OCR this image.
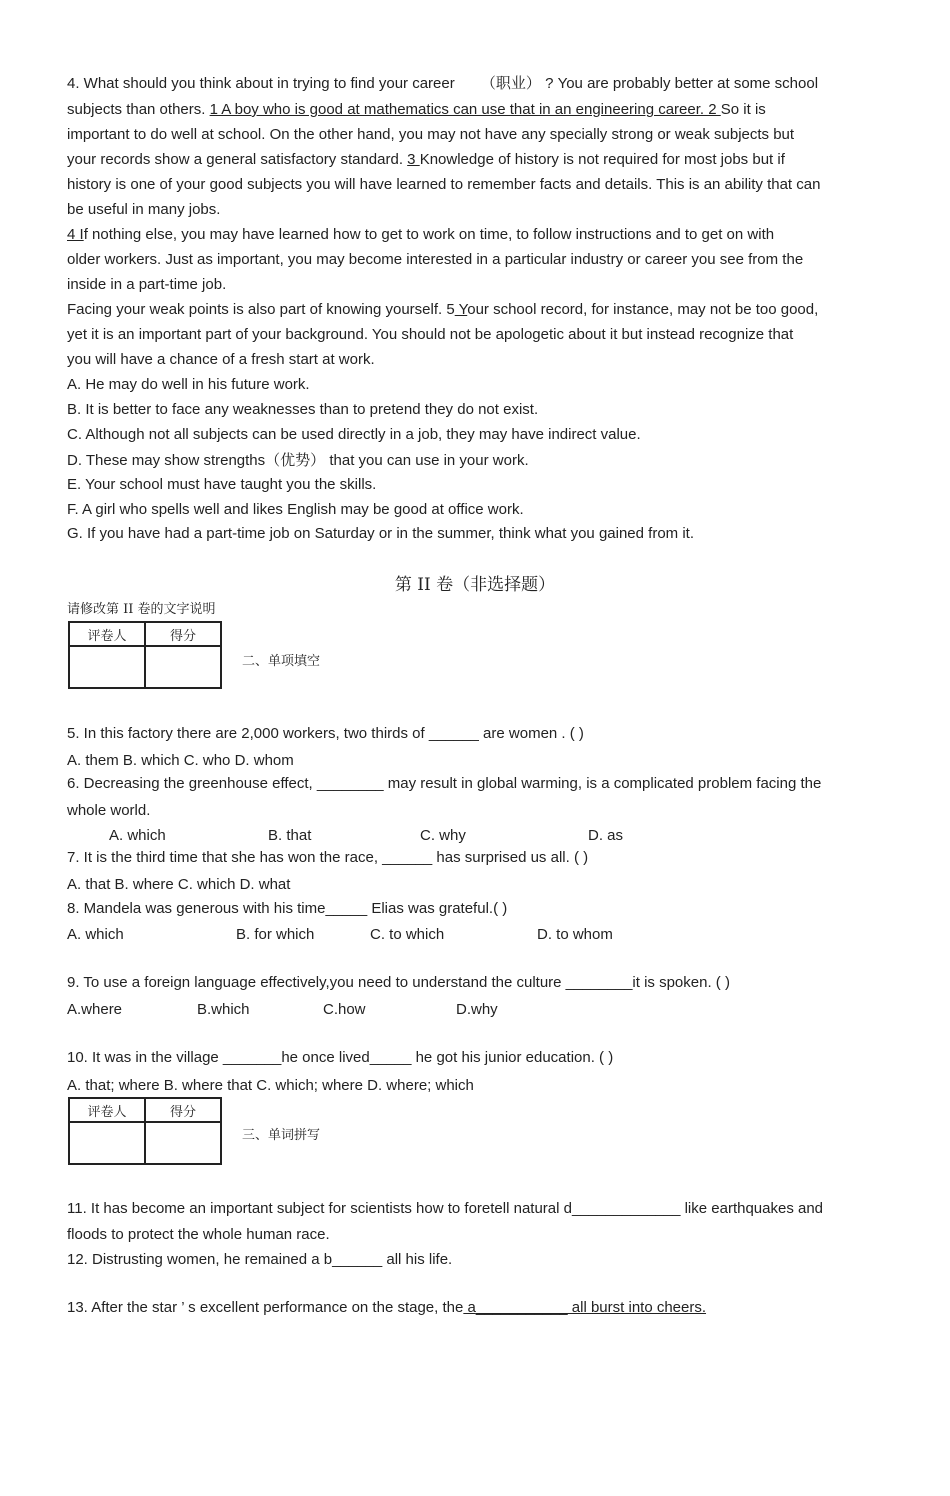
4. What should you think about in trying to find your career （职业） ? You are probably better at some school
subjects than others. 1 A boy who is good at mathematics can use that in an engineering career. 2 So it is
important to do well at school. On the other hand, you may not have any specially strong or weak subjects but
your records show a general satisfactory standard. 3 Knowledge of history is not required for most jobs but if
history is one of your good subjects you will have learned to remember facts and details. This is an ability that can
be useful in many jobs.
4 If nothing else, you may have learned how to get to work on time, to follow instructions and to get on with
older workers. Just as important, you may become interested in a particular industry or career you see from the
inside in a part-time job.
Facing your weak points is also part of knowing yourself. 5 Your school record, for instance, may not be too good,
yet it is an important part of your background. You should not be apologetic about it but instead recognize that
you will have a chance of a fresh start at work.
A. He may do well in his future work.
B. It is better to face any weaknesses than to pretend they do not exist.
C. Although not all subjects can be used directly in a job, they may have indirect value.
D. These may show strengths（优势） that you can use in your work.
E. Your school must have taught you the skills.
F. A girl who spells well and likes English may be good at office work.
G. If you have had a part-time job on Saturday or in the summer, think what you gained from it.
第 II 卷（非选择题）
请修改第 II 卷的文字说明
评卷人	得分

二、单项填空
5. In this factory there are 2,000 workers, two thirds of ______ are women . ( )
A. them B. which C. who D. whom
6. Decreasing the greenhouse effect, ________ may result in global warming, is a complicated problem facing the
whole world.
A. which	B. that	C. why	D. as
7. It is the third time that she has won the race, ______ has surprised us all. ( )
A. that B. where C. which D. what
8. Mandela was generous with his time_____ Elias was grateful.( )
A. which	B. for which	C. to which	D. to whom
9. To use a foreign language effectively,you need to understand the culture ________it is spoken. ( )
A.where	B.which	C.how	D.why
10. It was in the village _______he once lived_____ he got his junior education. ( )
A. that; where B. where that C. which; where D. where; which
评卷人	得分

三、单词拼写
11. It has become an important subject for scientists how to foretell natural d_____________ like earthquakes and
floods to protect the whole human race.
12. Distrusting women, he remained a b______ all his life.
13. After the star ’ s excellent performance on the stage, the a___________ all burst into cheers.
